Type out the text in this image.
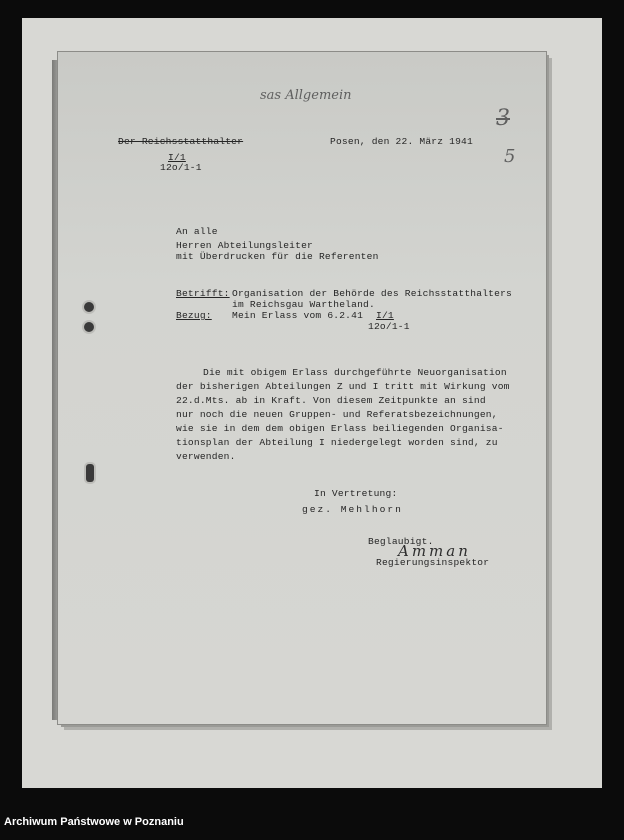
sas Allgemein
3
5
Der Reichsstatthalter
I/1
12o/1-1
Posen, den 22. März 1941
An alle
Herren Abteilungsleiter
mit Überdrucken für die Referenten
Betrifft: Organisation der Behörde des Reichsstatthalters
im Reichsgau Wartheland.
Bezug: Mein Erlass vom 6.2.41 I/1
12o/1-1
Die mit obigem Erlass durchgeführte Neuorganisation
der bisherigen Abteilungen Z und I tritt mit Wirkung vom
22.d.Mts. ab in Kraft. Von diesem Zeitpunkte an sind
nur noch die neuen Gruppen- und Referatsbezeichnungen,
wie sie in dem dem obigen Erlass beiliegenden Organisa-
tionsplan der Abteilung I niedergelegt worden sind, zu
verwenden.
In Vertretung:
gez. Mehlhorn
Beglaubigt.
Amman
Regierungsinspektor
Archiwum Państwowe w Poznaniu
